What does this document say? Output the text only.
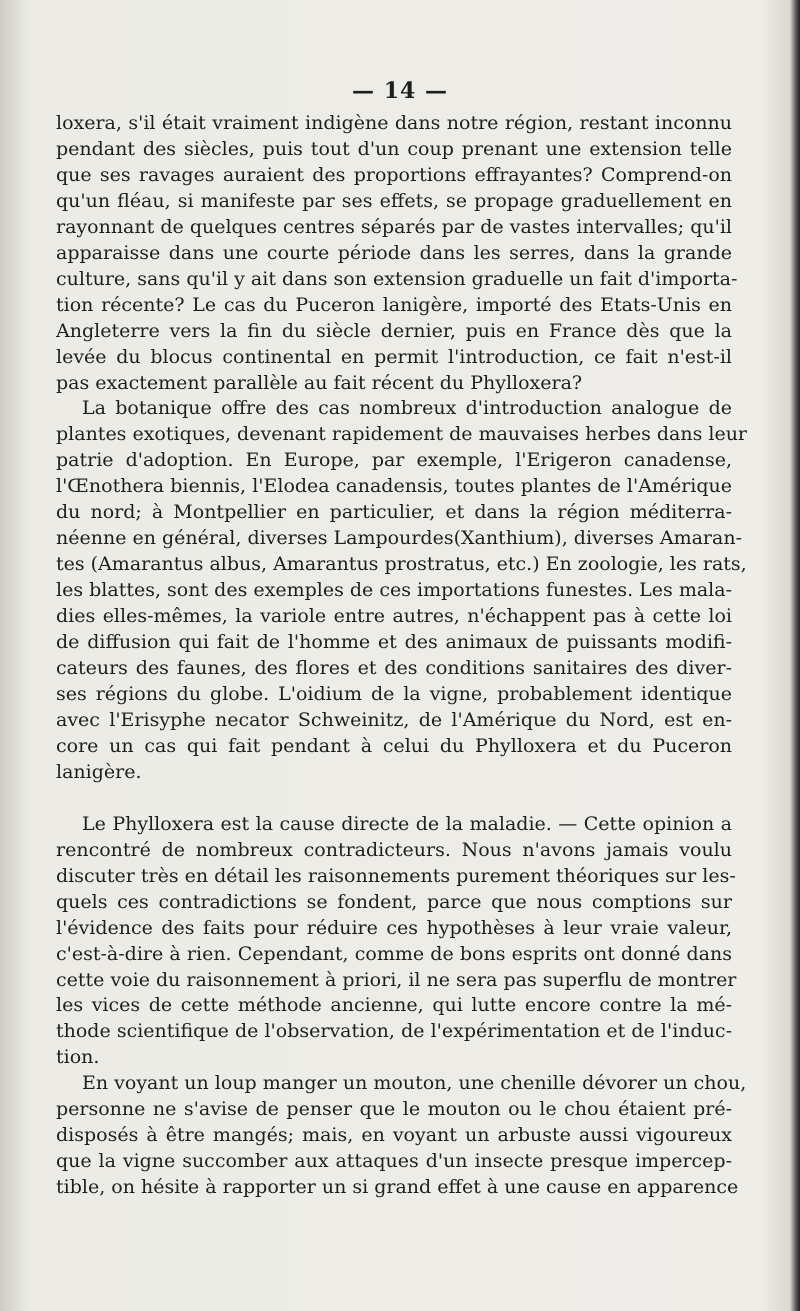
— 14 —

loxera, s'il était vraiment indigène dans notre région, restant inconnu

pendant des siècles, puis tout d'un coup prenant une extension telle

que ses ravages auraient des proportions effrayantes? Comprend-on

qu'un fléau, si manifeste par ses effets, se propage graduellement en

rayonnant de quelques centres séparés par de vastes intervalles; qu'il

apparaisse dans une courte période dans les serres, dans la grande

culture, sans qu'il y ait dans son extension graduelle un fait d'importa-

tion récente? Le cas du Puceron lanigère, importé des Etats-Unis en

Angleterre vers la fin du siècle dernier, puis en France dès que la

levée du blocus continental en permit l'introduction, ce fait n'est-il

pas exactement parallèle au fait récent du Phylloxera?

La botanique offre des cas nombreux d'introduction analogue de

plantes exotiques, devenant rapidement de mauvaises herbes dans leur

patrie d'adoption. En Europe, par exemple, l'Erigeron canadense,

l'Œnothera biennis, l'Elodea canadensis, toutes plantes de l'Amérique

du nord; à Montpellier en particulier, et dans la région méditerra-

néenne en général, diverses Lampourdes(Xanthium), diverses Amaran-

tes (Amarantus albus, Amarantus prostratus, etc.) En zoologie, les rats,

les blattes, sont des exemples de ces importations funestes. Les mala-

dies elles-mêmes, la variole entre autres, n'échappent pas à cette loi

de diffusion qui fait de l'homme et des animaux de puissants modifi-

cateurs des faunes, des flores et des conditions sanitaires des diver-

ses régions du globe. L'oidium de la vigne, probablement identique

avec l'Erisyphe necator Schweinitz, de l'Amérique du Nord, est en-

core un cas qui fait pendant à celui du Phylloxera et du Puceron

lanigère.

Le Phylloxera est la cause directe de la maladie. — Cette opinion a

rencontré de nombreux contradicteurs. Nous n'avons jamais voulu

discuter très en détail les raisonnements purement théoriques sur les-

quels ces contradictions se fondent, parce que nous comptions sur

l'évidence des faits pour réduire ces hypothèses à leur vraie valeur,

c'est-à-dire à rien. Cependant, comme de bons esprits ont donné dans

cette voie du raisonnement à priori, il ne sera pas superflu de montrer

les vices de cette méthode ancienne, qui lutte encore contre la mé-

thode scientifique de l'observation, de l'expérimentation et de l'induc-

tion.

En voyant un loup manger un mouton, une chenille dévorer un chou,

personne ne s'avise de penser que le mouton ou le chou étaient pré-

disposés à être mangés; mais, en voyant un arbuste aussi vigoureux

que la vigne succomber aux attaques d'un insecte presque impercep-

tible, on hésite à rapporter un si grand effet à une cause en apparence
